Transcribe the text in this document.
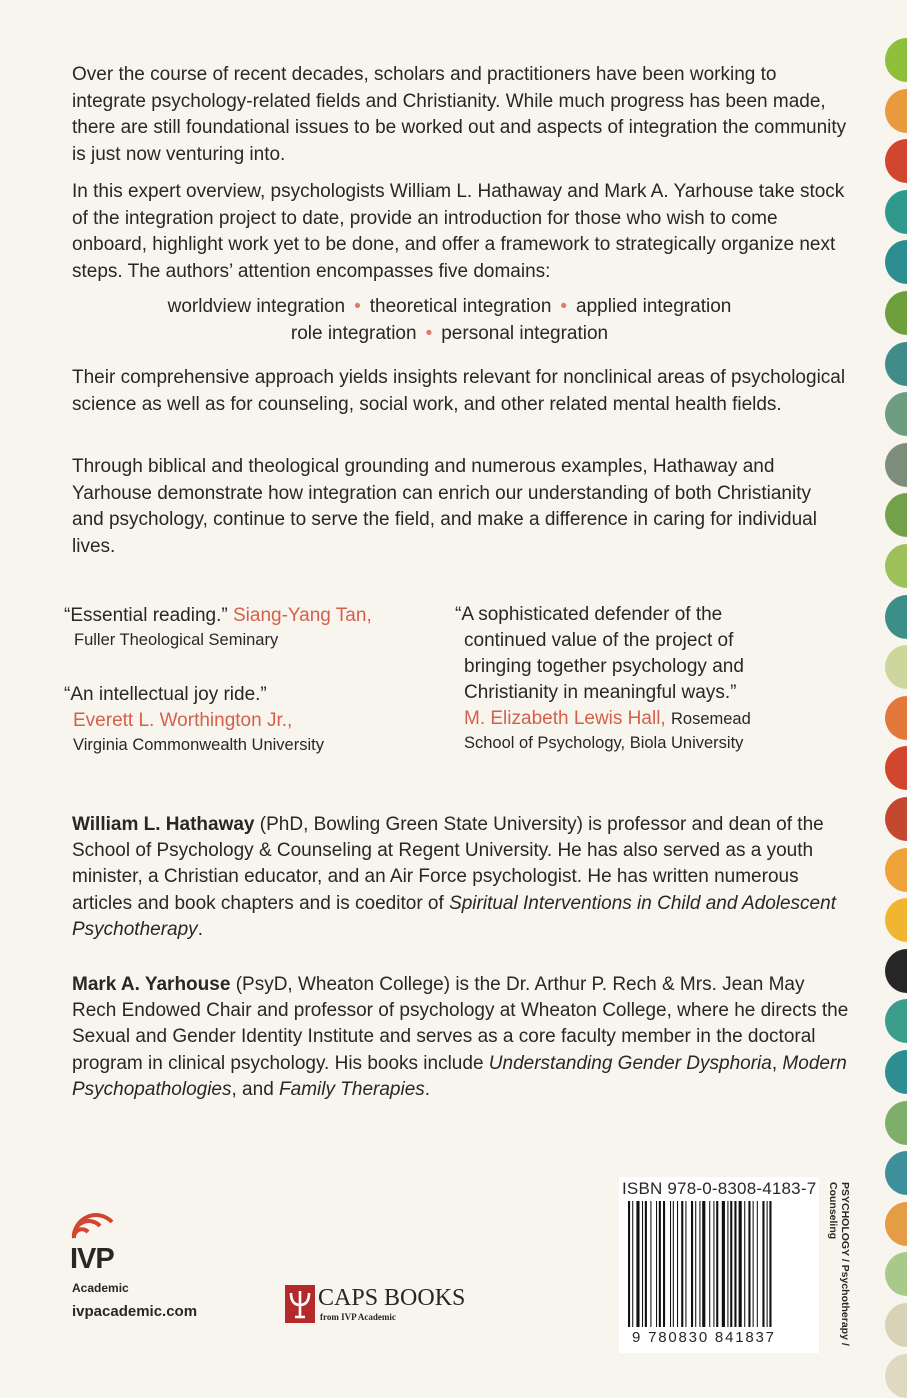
Over the course of recent decades, scholars and practitioners have been working to integrate psychology-related fields and Christianity. While much progress has been made, there are still foundational issues to be worked out and aspects of integration the community is just now venturing into.

In this expert overview, psychologists William L. Hathaway and Mark A. Yarhouse take stock of the integration project to date, provide an introduction for those who wish to come onboard, highlight work yet to be done, and offer a framework to strategically organize next steps. The authors’ attention encompasses five domains:

worldview integration • theoretical integration • applied integration
role integration • personal integration

Their comprehensive approach yields insights relevant for nonclinical areas of psychological science as well as for counseling, social work, and other related mental health fields.

Through biblical and theological grounding and numerous examples, Hathaway and Yarhouse demonstrate how integration can enrich our understanding of both Christianity and psychology, continue to serve the field, and make a difference in caring for individual lives.

“Essential reading.” Siang-Yang Tan,
Fuller Theological Seminary
“An intellectual joy ride.”
Everett L. Worthington Jr.,
Virginia Commonwealth University
“A sophisticated defender of the continued value of the project of bringing together psychology and Christianity in meaningful ways.”
M. Elizabeth Lewis Hall, Rosemead
School of Psychology, Biola University

William L. Hathaway (PhD, Bowling Green State University) is professor and dean of the School of Psychology & Counseling at Regent University. He has also served as a youth minister, a Christian educator, and an Air Force psychologist. He has written numerous articles and book chapters and is coeditor of Spiritual Interventions in Child and Adolescent Psychotherapy.

Mark A. Yarhouse (PsyD, Wheaton College) is the Dr. Arthur P. Rech & Mrs. Jean May Rech Endowed Chair and professor of psychology at Wheaton College, where he directs the Sexual and Gender Identity Institute and serves as a core faculty member in the doctoral program in clinical psychology. His books include Understanding Gender Dysphoria, Modern Psychopathologies, and Family Therapies.

IVP
Academic
ivpacademic.com
CAPS BOOKS
from IVP Academic
ISBN 978-0-8308-4183-7
9 780830 841837	PSYCHOLOGY / Psychotherapy /
Counseling
